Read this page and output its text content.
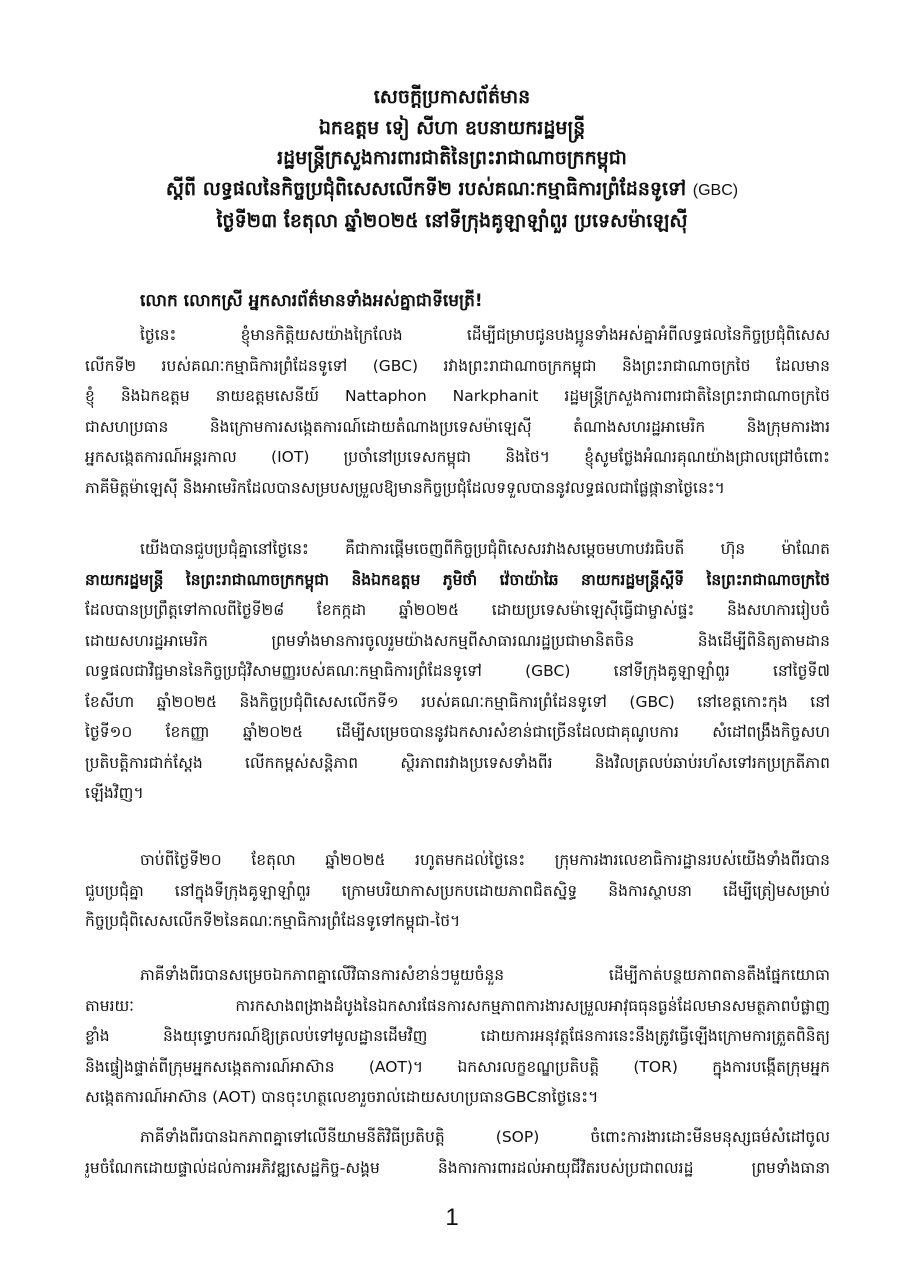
សេចក្តីប្រកាសព័ត៌មាន
ឯកឧត្តម ទៀ សីហា ឧបនាយករដ្ឋមន្រ្តី
រដ្ឋមន្រ្តីក្រសួងការពារជាតិនៃព្រះរាជាណាចក្រកម្ពុជា
ស្តីពី លទ្ធផលនៃកិច្ចប្រជុំពិសេសលើកទី២ របស់គណៈកម្មាធិការព្រំដែនទូទៅ (GBC)
ថ្ងៃទី២៣ ខែតុលា ឆ្នាំ២០២៥ នៅទីក្រុងគូឡាឡាំពួរ ប្រទេសម៉ាឡេស៊ី
លោក លោកស្រី អ្នកសារព័ត៌មានទាំងអស់គ្នាជាទីមេត្រី!
ថ្ងៃនេះ ខ្ញុំមានកិត្តិយសយ៉ាងក្រៃលែង ដើម្បីជម្រាបជូនបងប្អូនទាំងអស់គ្នាអំពីលទ្ធផលនៃកិច្ចប្រជុំពិសេស
លើកទី២ របស់គណៈកម្មាធិការព្រំដែនទូទៅ (GBC) រវាងព្រះរាជាណាចក្រកម្ពុជា និងព្រះរាជាណាចក្រថៃ ដែលមាន
ខ្ញុំ និងឯកឧត្តម នាយឧត្តមសេនីយ៍ Nattaphon Narkphanit រដ្ឋមន្ត្រីក្រសួងការពារជាតិនៃព្រះរាជាណាចក្រថៃ
ជាសហប្រធាន និងក្រោមការសង្កេតការណ៍ដោយតំណាងប្រទេសម៉ាឡេស៊ី តំណាងសហរដ្ឋអាមេរិក និងក្រុមការងារ
អ្នកសង្កេតការណ៍អន្តរកាល (IOT) ប្រចាំនៅប្រទេសកម្ពុជា និងថៃ។ ខ្ញុំសូមថ្លែងអំណរគុណយ៉ាងជ្រាលជ្រៅចំពោះ
ភាគីមិត្តម៉ាឡេស៊ី និងអាមេរិកដែលបានសម្របសម្រួលឱ្យមានកិច្ចប្រជុំដែលទទួលបាននូវលទ្ធផលជាផ្លែផ្កានាថ្ងៃនេះ។
យើងបានជួបប្រជុំគ្នានៅថ្ងៃនេះ គឺជាការផ្តើមចេញពីកិច្ចប្រជុំពិសេសរវាងសម្តេចមហាបវរធិបតី ហ៊ុន ម៉ាណែត
នាយករដ្ឋមន្ត្រី នៃព្រះរាជាណាចក្រកម្ពុជា និងឯកឧត្តម ភូមិថាំ វ៉េចាយ៉ាឆៃ នាយករដ្ឋមន្ត្រីស្តីទី នៃព្រះរាជាណាចក្រថៃ
ដែលបានប្រព្រឹត្តទៅកាលពីថ្ងៃទី២៨ ខែកក្កដា ឆ្នាំ២០២៥ ដោយប្រទេសម៉ាឡេស៊ីធ្វើជាម្ចាស់ផ្ទះ និងសហការរៀបចំ
ដោយសហរដ្ឋអាមេរិក ព្រមទាំងមានការចូលរួមយ៉ាងសកម្មពីសាធារណរដ្ឋប្រជាមានិតចិន និងដើម្បីពិនិត្យតាមដាន
លទ្ធផលជាវិជ្ជមាននៃកិច្ចប្រជុំវិសាមញ្ញរបស់គណៈកម្មាធិការព្រំដែនទូទៅ (GBC) នៅទីក្រុងគូឡាឡាំពួរ នៅថ្ងៃទី៧
ខែសីហា ឆ្នាំ២០២៥ និងកិច្ចប្រជុំពិសេសលើកទី១ របស់គណៈកម្មាធិការព្រំដែនទូទៅ (GBC) នៅខេត្តកោះកុង នៅ
ថ្ងៃទី១០ ខែកញ្ញា ឆ្នាំ២០២៥ ដើម្បីសម្រេចបាននូវឯកសារសំខាន់ជាច្រើនដែលជាគុណូបការ សំដៅពង្រឹងកិច្ចសហ
ប្រតិបត្តិការជាក់ស្តែង លើកកម្ពស់សន្តិភាព ស្ថិរភាពរវាងប្រទេសទាំងពីរ និងវិលត្រលប់ឆាប់រហ័សទៅរកប្រក្រតីភាព
ឡើងវិញ។
ចាប់ពីថ្ងៃទី២០ ខែតុលា ឆ្នាំ២០២៥ រហូតមកដល់ថ្ងៃនេះ ក្រុមការងារលេខាធិការដ្ឋានរបស់យើងទាំងពីរបាន
ជួបប្រជុំគ្នា នៅក្នុងទីក្រុងគូឡាឡាំពួរ ក្រោមបរិយាកាសប្រកបដោយភាពជិតស្និទ្ធ និងការស្ថាបនា ដើម្បីត្រៀមសម្រាប់
កិច្ចប្រជុំពិសេសលើកទី២នៃគណៈកម្មាធិការព្រំដែនទូទៅកម្ពុជា-ថៃ។
ភាគីទាំងពីរបានសម្រេចឯកភាពគ្នាលើវិធានការសំខាន់ៗមួយចំនួន ដើម្បីកាត់បន្ថយភាពតានតឹងផ្នែកយោធា
តាមរយៈ ការកសាងពង្រាងដំបូងនៃឯកសារផែនការសកម្មភាពការងារសម្រួលអាវុធធុនធ្ងន់ដែលមានសមត្ថភាពបំផ្លាញ
ខ្លាំង និងយុទ្ធោបករណ៍ឱ្យត្រលប់ទៅមូលដ្ឋានដើមវិញ ដោយការអនុវត្តផែនការនេះនឹងត្រូវធ្វើឡើងក្រោមការត្រួតពិនិត្យ
និងផ្ទៀងផ្ទាត់ពីក្រុមអ្នកសង្កេតការណ៍អាស៊ាន (AOT)។ ឯកសារលក្ខខណ្ឌប្រតិបត្តិ (TOR) ក្នុងការបង្កើតក្រុមអ្នក
សង្កេតការណ៍អាស៊ាន (AOT) បានចុះហត្ថលេខារួចរាល់ដោយសហប្រធានGBCនាថ្ងៃនេះ។
ភាគីទាំងពីរបានឯកភាពគ្នាទៅលើនីយាមនីតិវិធីប្រតិបត្តិ (SOP) ចំពោះការងារដោះមីនមនុស្សធម៌សំដៅចូល
រួមចំណែកដោយផ្ទាល់ដល់ការអភិវឌ្ឍសេដ្ឋកិច្ច-សង្គម និងការការពារដល់អាយុជីវិតរបស់ប្រជាពលរដ្ឋ ព្រមទាំងធានា
1
